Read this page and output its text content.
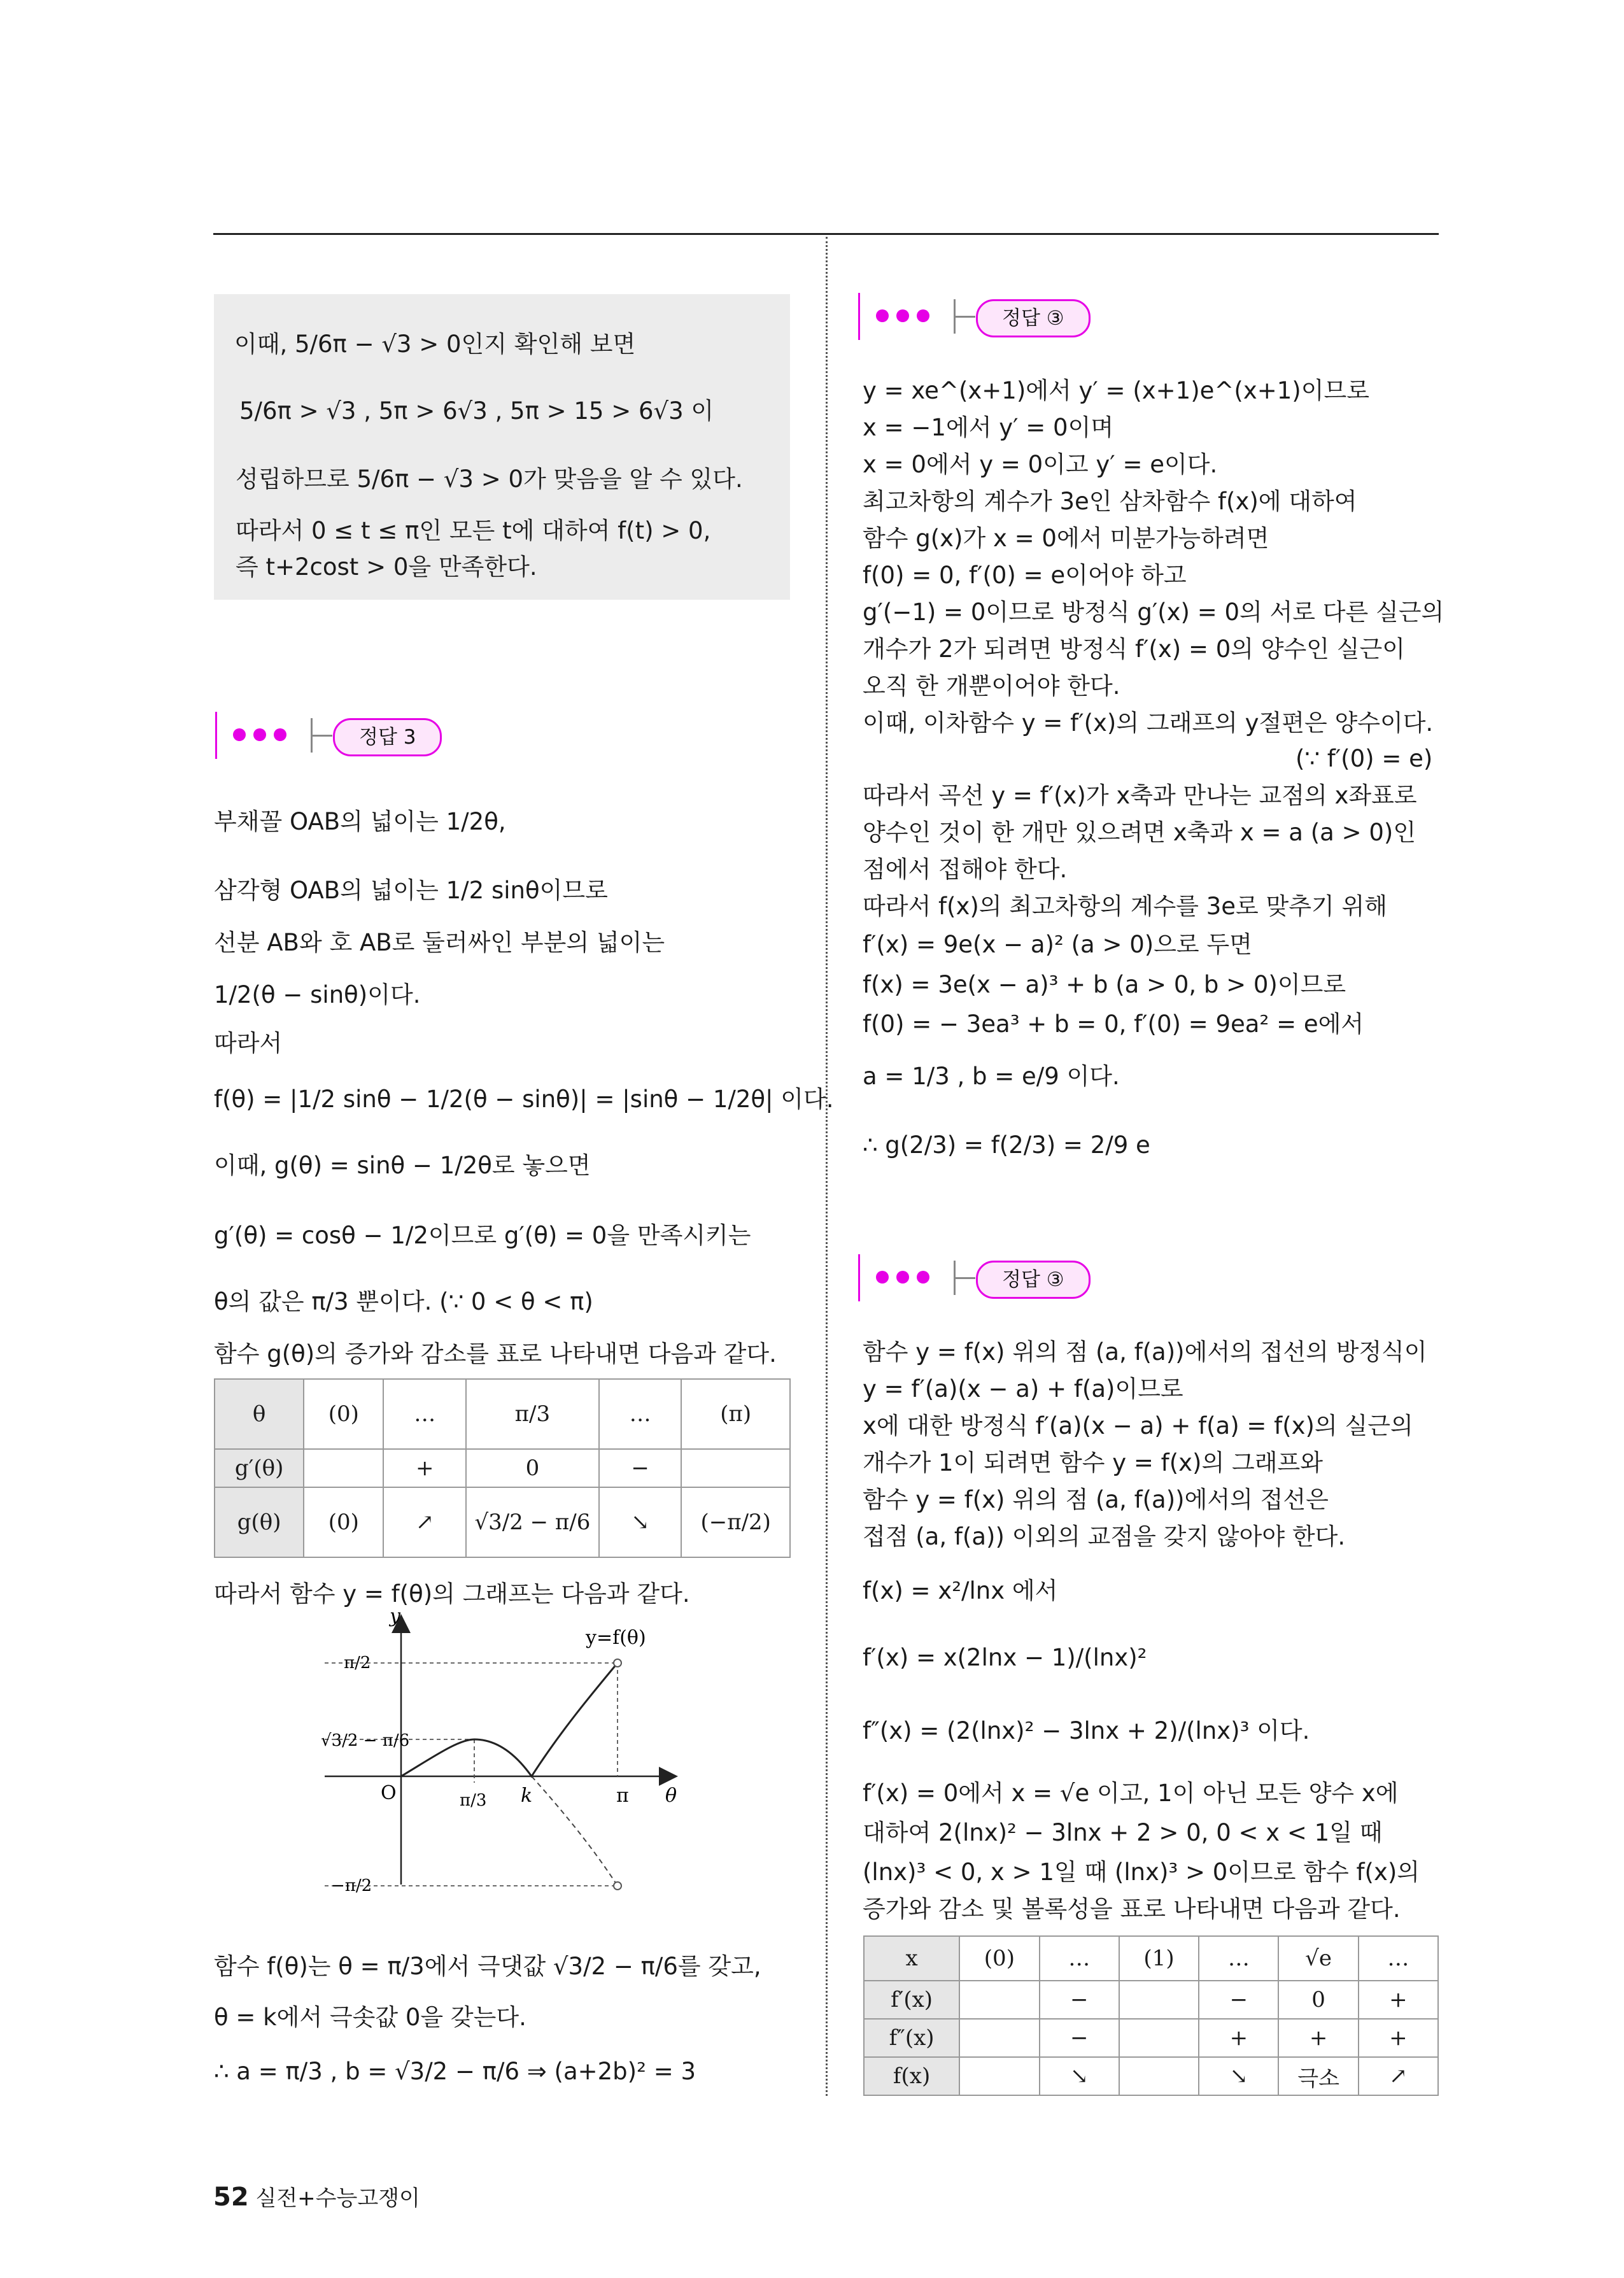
이때, 5/6π − √3 > 0인지 확인해 보면
5/6π > √3 , 5π > 6√3 , 5π > 15 > 6√3 이
성립하므로 5/6π − √3 > 0가 맞음을 알 수 있다.
따라서 0 ≤ t ≤ π인 모든 t에 대하여 f(t) > 0,
즉 t+2cost > 0을 만족한다.
정답 3
부채꼴 OAB의 넓이는 1/2θ,
삼각형 OAB의 넓이는 1/2 sinθ이므로
선분 AB와 호 AB로 둘러싸인 부분의 넓이는
1/2(θ − sinθ)이다.
따라서
f(θ) = |1/2 sinθ − 1/2(θ − sinθ)| = |sinθ − 1/2θ| 이다.
이때, g(θ) = sinθ − 1/2θ로 놓으면
g′(θ) = cosθ − 1/2이므로 g′(θ) = 0을 만족시키는
θ의 값은 π/3 뿐이다. (∵ 0 < θ < π)
함수 g(θ)의 증가와 감소를 표로 나타내면 다음과 같다.
θ	(0)	…	π/3	…	(π)
g′(θ)		+	0	−	
g(θ)	(0)	↗	√3/2 − π/6	↘	(−π/2)
따라서 함수 y = f(θ)의 그래프는 다음과 같다.
y
θ
O
y=f(θ)
π/2
√3/2 − π/6
−π/2
π/3 k	π
함수 f(θ)는 θ = π/3에서 극댓값 √3/2 − π/6를 갖고,
θ = k에서 극솟값 0을 갖는다.
∴ a = π/3 , b = √3/2 − π/6 ⇒ (a+2b)² = 3
정답 ③
y = xe^(x+1)에서 y′ = (x+1)e^(x+1)이므로
x = −1에서 y′ = 0이며
x = 0에서 y = 0이고 y′ = e이다.
최고차항의 계수가 3e인 삼차함수 f(x)에 대하여
함수 g(x)가 x = 0에서 미분가능하려면
f(0) = 0, f′(0) = e이어야 하고
g′(−1) = 0이므로 방정식 g′(x) = 0의 서로 다른 실근의
개수가 2가 되려면 방정식 f′(x) = 0의 양수인 실근이
오직 한 개뿐이어야 한다.
이때, 이차함수 y = f′(x)의 그래프의 y절편은 양수이다.
(∵ f′(0) = e)
따라서 곡선 y = f′(x)가 x축과 만나는 교점의 x좌표로
양수인 것이 한 개만 있으려면 x축과 x = a (a > 0)인
점에서 접해야 한다.
따라서 f(x)의 최고차항의 계수를 3e로 맞추기 위해
f′(x) = 9e(x − a)² (a > 0)으로 두면
f(x) = 3e(x − a)³ + b (a > 0, b > 0)이므로
f(0) = − 3ea³ + b = 0, f′(0) = 9ea² = e에서
a = 1/3 , b = e/9 이다.
∴ g(2/3) = f(2/3) = 2/9 e
정답 ③
함수 y = f(x) 위의 점 (a, f(a))에서의 접선의 방정식이
y = f′(a)(x − a) + f(a)이므로
x에 대한 방정식 f′(a)(x − a) + f(a) = f(x)의 실근의
개수가 1이 되려면 함수 y = f(x)의 그래프와
함수 y = f(x) 위의 점 (a, f(a))에서의 접선은
접점 (a, f(a)) 이외의 교점을 갖지 않아야 한다.
f(x) = x²/lnx 에서
f′(x) = x(2lnx − 1)/(lnx)²
f″(x) = (2(lnx)² − 3lnx + 2)/(lnx)³ 이다.
f′(x) = 0에서 x = √e 이고, 1이 아닌 모든 양수 x에
대하여 2(lnx)² − 3lnx + 2 > 0, 0 < x < 1일 때
(lnx)³ < 0, x > 1일 때 (lnx)³ > 0이므로 함수 f(x)의
증가와 감소 및 볼록성을 표로 나타내면 다음과 같다.
x	(0)	…	(1)	…	√e	…
f′(x)		−		−	0	+
f″(x)		−		+	+	+
f(x)		↘		↘	극소	↗
52 실전+수능고쟁이
